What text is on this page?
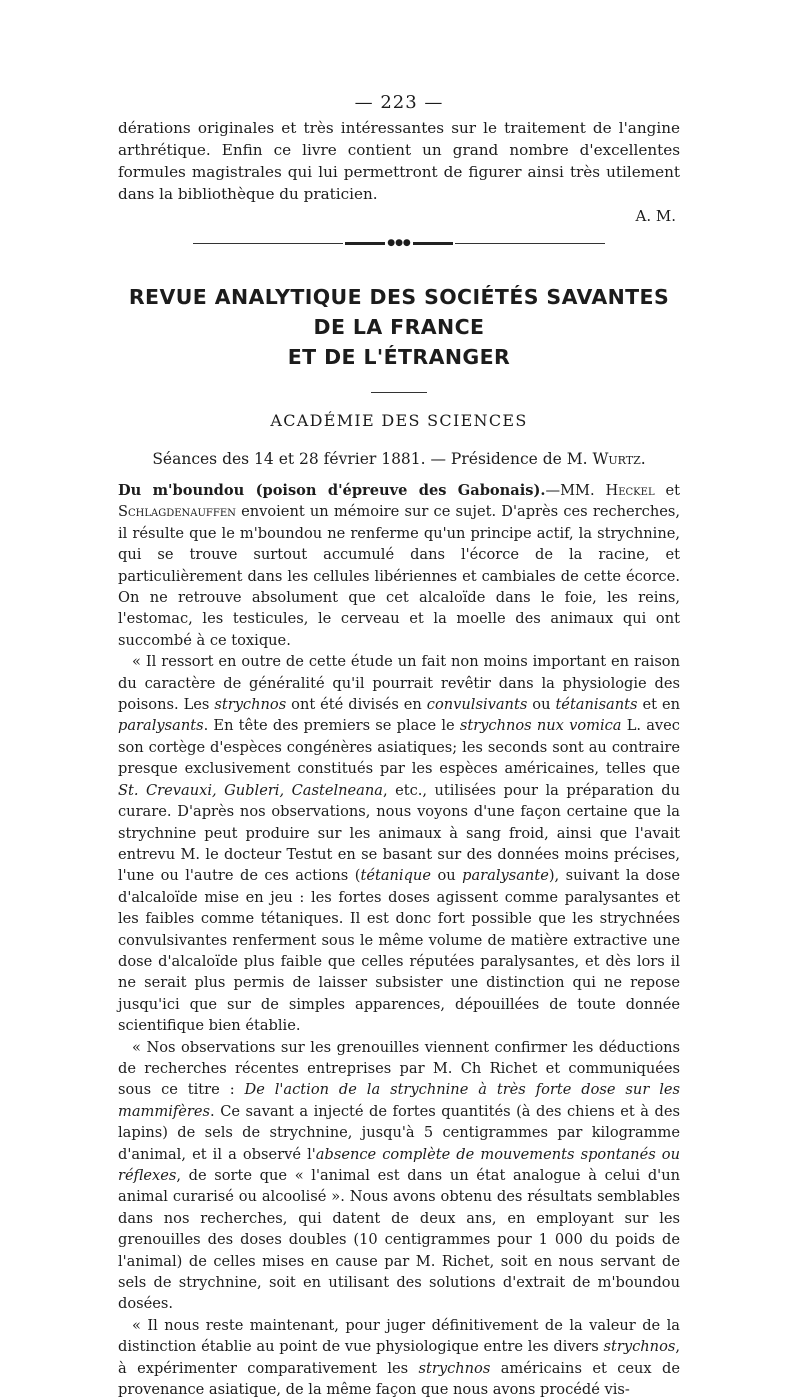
— 223 —

dérations originales et très intéressantes sur le traitement de l'angine arthrétique. Enfin ce livre contient un grand nombre d'excellentes formules magistrales qui lui permettront de figurer ainsi très utilement dans la bibliothèque du praticien.

A. M.

●●●
REVUE ANALYTIQUE DES SOCIÉTÉS SAVANTES DE LA FRANCE
ET DE L'ÉTRANGER

ACADÉMIE DES SCIENCES

Séances des 14 et 28 février 1881. — Présidence de M. Wurtz.

Du m'boundou (poison d'épreuve des Gabonais).—MM. Heckel et Schlagdenauffen envoient un mémoire sur ce sujet. D'après ces recherches, il résulte que le m'boundou ne renferme qu'un principe actif, la strychnine, qui se trouve surtout accumulé dans l'écorce de la racine, et particulièrement dans les cellules libériennes et cambiales de cette écorce. On ne retrouve absolument que cet alcaloïde dans le foie, les reins, l'estomac, les testicules, le cerveau et la moelle des animaux qui ont succombé à ce toxique.

« Il ressort en outre de cette étude un fait non moins important en raison du caractère de généralité qu'il pourrait revêtir dans la physiologie des poisons. Les strychnos ont été divisés en convulsivants ou tétanisants et en paralysants. En tête des premiers se place le strychnos nux vomica L. avec son cortège d'espèces congénères asiatiques; les seconds sont au contraire presque exclusivement constitués par les espèces américaines, telles que St. Crevauxi, Gubleri, Castelneana, etc., utilisées pour la préparation du curare. D'après nos observations, nous voyons d'une façon certaine que la strychnine peut produire sur les animaux à sang froid, ainsi que l'avait entrevu M. le docteur Testut en se basant sur des données moins précises, l'une ou l'autre de ces actions (tétanique ou paralysante), suivant la dose d'alcaloïde mise en jeu : les fortes doses agissent comme paralysantes et les faibles comme tétaniques. Il est donc fort possible que les strychnées convulsivantes renferment sous le même volume de matière extractive une dose d'alcaloïde plus faible que celles réputées paralysantes, et dès lors il ne serait plus permis de laisser subsister une distinction qui ne repose jusqu'ici que sur de simples apparences, dépouillées de toute donnée scientifique bien établie.

« Nos observations sur les grenouilles viennent confirmer les déductions de recherches récentes entreprises par M. Ch Richet et communiquées sous ce titre : De l'action de la strychnine à très forte dose sur les mammifères. Ce savant a injecté de fortes quantités (à des chiens et à des lapins) de sels de strychnine, jusqu'à 5 centigrammes par kilogramme d'animal, et il a observé l'absence complète de mouvements spontanés ou réflexes, de sorte que « l'animal est dans un état analogue à celui d'un animal curarisé ou alcoolisé ». Nous avons obtenu des résultats semblables dans nos recherches, qui datent de deux ans, en employant sur les grenouilles des doses doubles (10 centigrammes pour 1 000 du poids de l'animal) de celles mises en cause par M. Richet, soit en nous servant de sels de strychnine, soit en utilisant des solutions d'extrait de m'boundou dosées.

« Il nous reste maintenant, pour juger définitivement de la valeur de la distinction établie au point de vue physiologique entre les divers strychnos, à expérimenter comparativement les strychnos américains et ceux de provenance asiatique, de la même façon que nous avons procédé vis-
